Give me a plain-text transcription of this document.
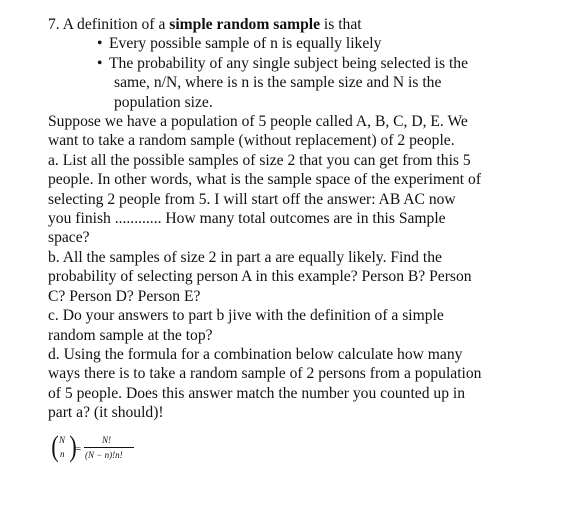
7. A definition of a simple random sample is that
• Every possible sample of n is equally likely
• The probability of any single subject being selected is the
same, n/N, where is n is the sample size and N is the
population size.
Suppose we have a population of 5 people called A, B, C, D, E. We
want to take a random sample (without replacement) of 2 people.
a. List all the possible samples of size 2 that you can get from this 5
people. In other words, what is the sample space of the experiment of
selecting 2 people from 5. I will start off the answer: AB AC now
you finish ............ How many total outcomes are in this Sample
space?
b. All the samples of size 2 in part a are equally likely. Find the
probability of selecting person A in this example? Person B? Person
C? Person D? Person E?
c. Do your answers to part b jive with the definition of a simple
random sample at the top?
d. Using the formula for a combination below calculate how many
ways there is to take a random sample of 2 persons from a population
of 5 people. Does this answer match the number you counted up in
part a? (it should)!
( )
N
n =
N!
(N − n)!n!
